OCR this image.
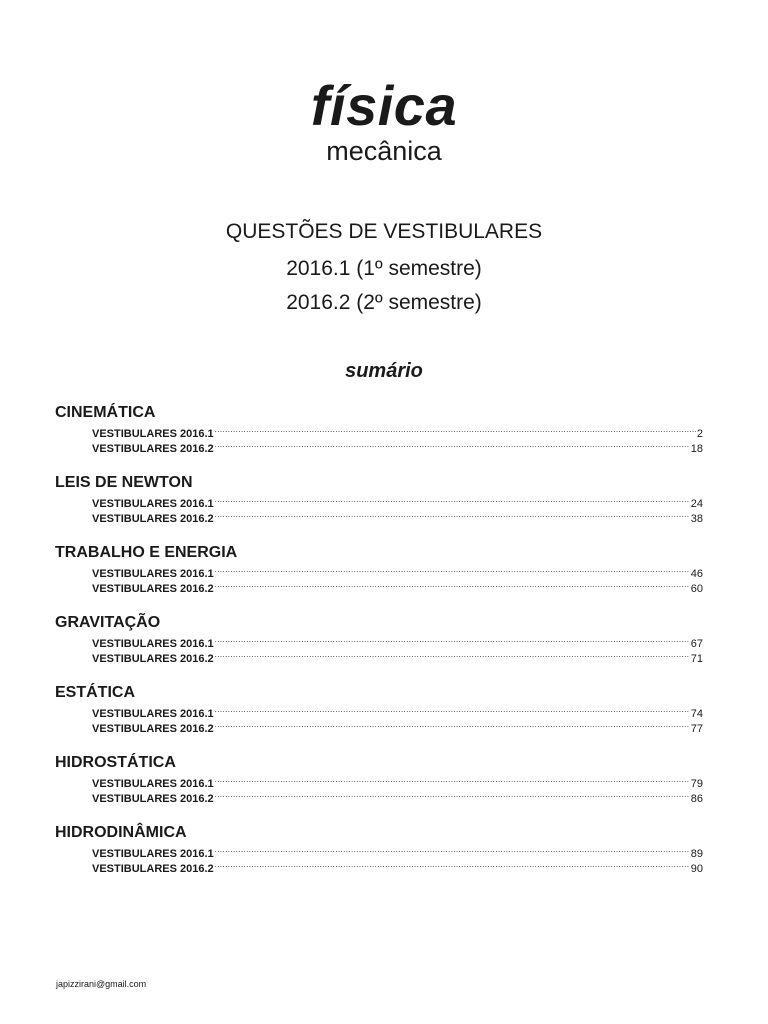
física
mecânica
QUESTÕES DE VESTIBULARES
2016.1 (1º semestre)
2016.2 (2º semestre)
sumário
CINEMÁTICA
VESTIBULARES 2016.1 .....	2
VESTIBULARES 2016.2 .....	18
LEIS DE NEWTON
VESTIBULARES 2016.1 .....	24
VESTIBULARES 2016.2 .....	38
TRABALHO E ENERGIA
VESTIBULARES 2016.1 .....	46
VESTIBULARES 2016.2 .....	60
GRAVITAÇÃO
VESTIBULARES 2016.1 .....	67
VESTIBULARES 2016.2 .....	71
ESTÁTICA
VESTIBULARES 2016.1 .....	74
VESTIBULARES 2016.2 .....	77
HIDROSTÁTICA
VESTIBULARES 2016.1 .....	79
VESTIBULARES 2016.2 .....	86
HIDRODINÂMICA
VESTIBULARES 2016.1 .....	89
VESTIBULARES 2016.2 .....	90
japizzirani@gmail.com
